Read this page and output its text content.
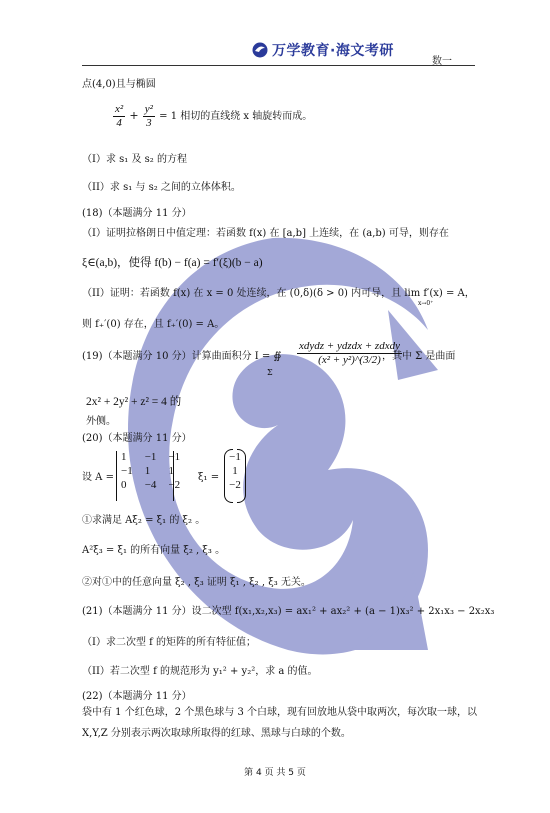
万学教育·海文考研
数一
点(4,0)且与椭圆
$\frac{\text{x²}}{4} + \frac{\text{y²}}{3} = 1$ 相切的直线绕 x 轴旋转而成。
（I）求 s₁ 及 s₂ 的方程
（II）求 s₁ 与 s₂ 之间的立体体积。
(18)（本题满分 11 分）
（I）证明拉格朗日中值定理：若函数 f(x) 在 [a,b] 上连续，在 (a,b) 可导，则存在
ξ∈(a,b)，使得 f(b) − f(a) = f′(ξ)(b − a)
（II）证明：若函数 f(x) 在 x = 0 处连续，在 (0,δ)(δ > 0) 内可导，且 lim f′(x) = A，
x→0⁺
则 f₊′(0) 存在，且 f₊′(0) = A。
(19)（本题满分 10 分）计算曲面积分 I = ∯ $\frac{\text{xdydz + ydzdx + zdxdy}}{\text{(x² + y²)\textasciicircum{}(3/2)}}$
Σ
，其中 Σ 是曲面
2x² + 2y² + z² = 4 的
外侧。
(20)（本题满分 11 分）
设 A =
1	−1 −1
−1 1	1
0	−4 −2
ξ₁ =
−1
1
−2
①求满足 Aξ₂ = ξ₁ 的 ξ₂ 。
A²ξ₃ = ξ₁ 的所有向量 ξ₂ , ξ₃ 。
②对①中的任意向量 ξ₂ , ξ₃ 证明 ξ₁ , ξ₂ , ξ₃ 无关。
(21)（本题满分 11 分）设二次型 f(x₁,x₂,x₃) = ax₁² + ax₂² + (a − 1)x₃² + 2x₁x₃ − 2x₂x₃
（I）求二次型 f 的矩阵的所有特征值；
（II）若二次型 f 的规范形为 y₁² + y₂²，求 a 的值。
(22)（本题满分 11 分）
袋中有 1 个红色球，2 个黑色球与 3 个白球，现有回放地从袋中取两次，每次取一球，以
X,Y,Z 分别表示两次取球所取得的红球、黑球与白球的个数。
第 4 页 共 5 页
